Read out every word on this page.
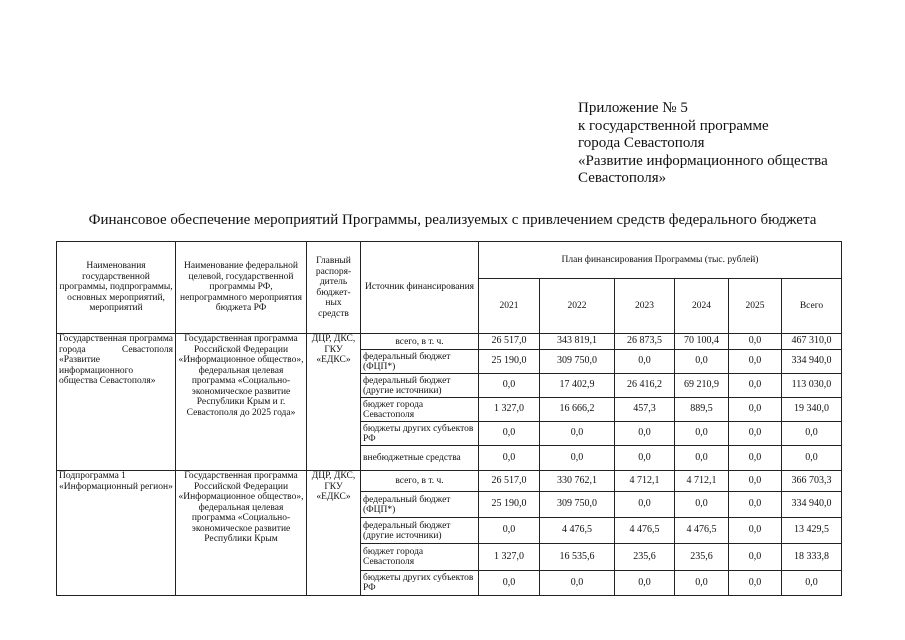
Приложение № 5
к государственной программе
города Севастополя
«Развитие информационного общества
Севастополя»
Финансовое обеспечение мероприятий Программы, реализуемых с привлечением средств федерального бюджета
Наименования государственной программы, подпрограммы, основных мероприятий, мероприятий	Наименование федеральной целевой, государственной программы РФ, непрограммного мероприятия бюджета РФ	Главный распоря-дитель бюджет-ных средств	Источник финансирования	План финансирования Программы (тыс. рублей)					
				2021	2022	2023	2024	2025	Всего
Государственная программа города Севастополя «Развитие информационного общества Севастополя»	Государственная программа Российской Федерации «Информационное общество», федеральная целевая программа «Социально-экономическое развитие Республики Крым и г. Севастополя до 2025 года»	ДЦР, ДКС, ГКУ «ЕДКС»	всего, в т. ч.	26 517,0	343 819,1	26 873,5	70 100,4	0,0	467 310,0
			федеральный бюджет (ФЦП*)	25 190,0	309 750,0	0,0	0,0	0,0	334 940,0
			федеральный бюджет (другие источники)	0,0	17 402,9	26 416,2	69 210,9	0,0	113 030,0
			бюджет города Севастополя	1 327,0	16 666,2	457,3	889,5	0,0	19 340,0
			бюджеты других субъектов РФ	0,0	0,0	0,0	0,0	0,0	0,0
			внебюджетные средства	0,0	0,0	0,0	0,0	0,0	0,0
Подпрограмма 1 «Информационный регион»	Государственная программа Российской Федерации «Информационное общество», федеральная целевая программа «Социально-экономическое развитие Республики Крым	ДЦР, ДКС, ГКУ «ЕДКС»	всего, в т. ч.	26 517,0	330 762,1	4 712,1	4 712,1	0,0	366 703,3
			федеральный бюджет (ФЦП*)	25 190,0	309 750,0	0,0	0,0	0,0	334 940,0
			федеральный бюджет (другие источники)	0,0	4 476,5	4 476,5	4 476,5	0,0	13 429,5
			бюджет города Севастополя	1 327,0	16 535,6	235,6	235,6	0,0	18 333,8
			бюджеты других субъектов РФ	0,0	0,0	0,0	0,0	0,0	0,0
